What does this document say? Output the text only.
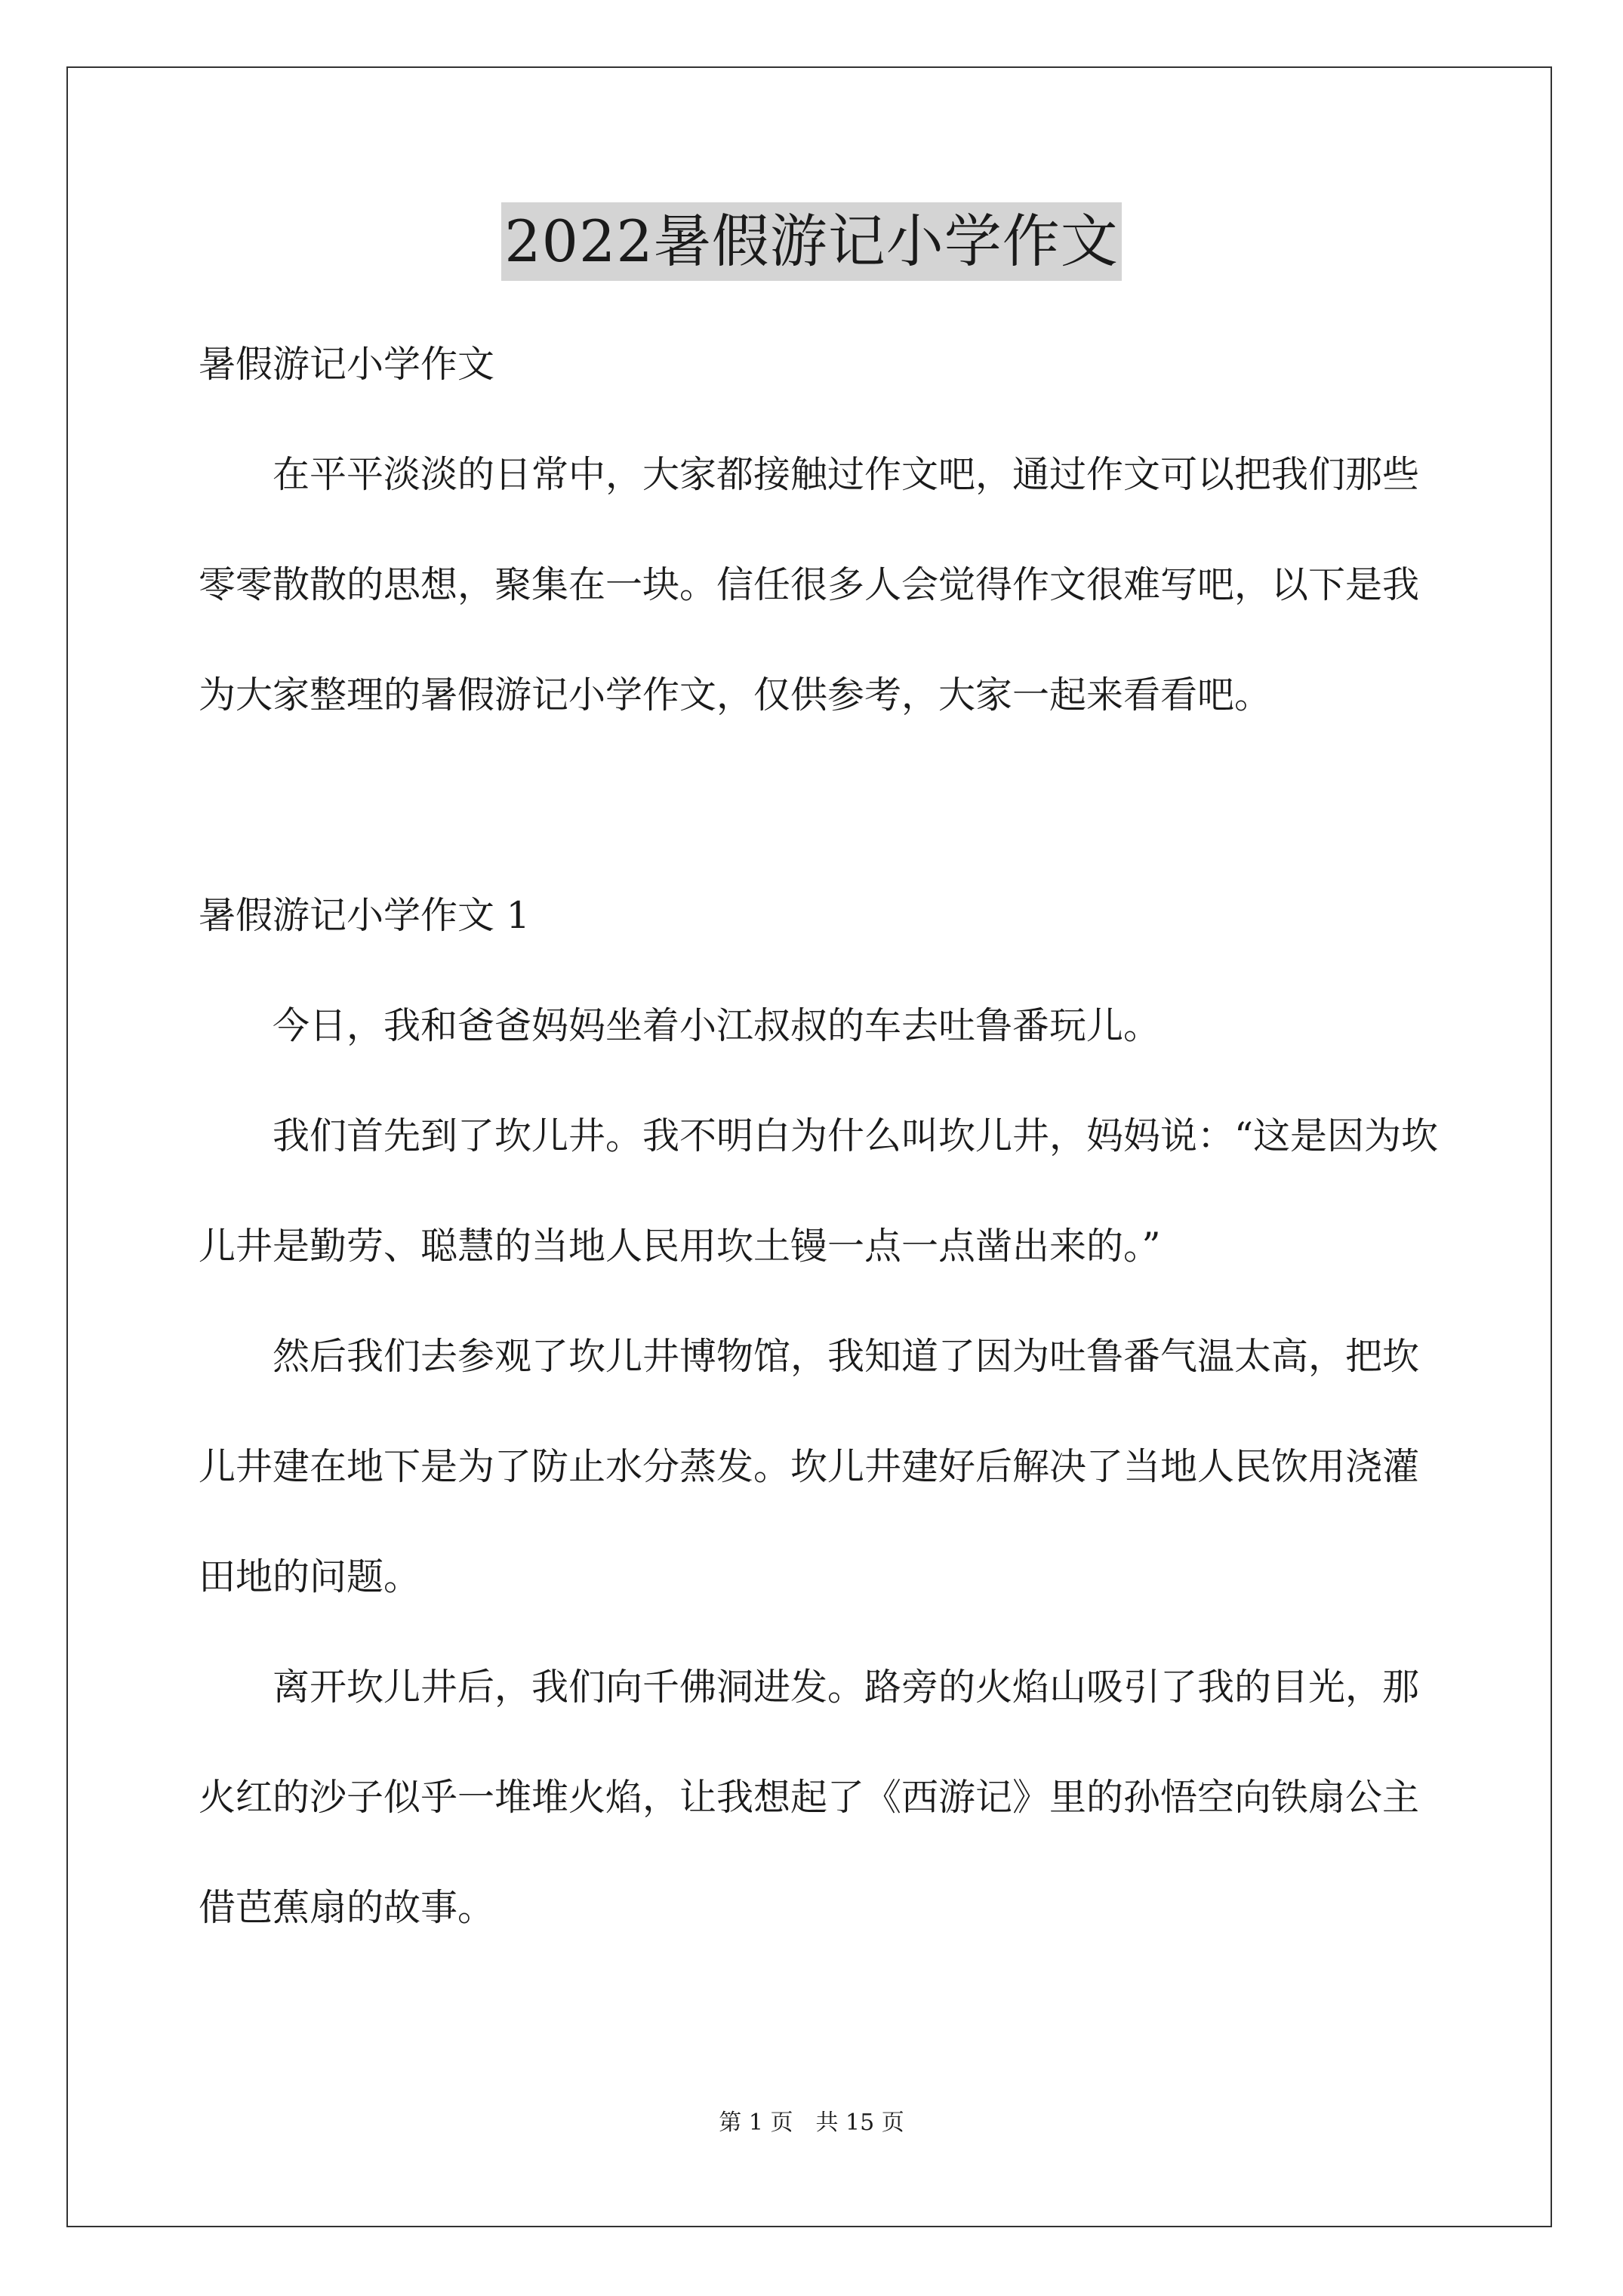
2022暑假游记小学作文

暑假游记小学作文

在平平淡淡的日常中，大家都接触过作文吧，通过作文可以把我们那些零零散散的思想，聚集在一块。信任很多人会觉得作文很难写吧，以下是我为大家整理的暑假游记小学作文，仅供参考，大家一起来看看吧。

暑假游记小学作文 1

今日，我和爸爸妈妈坐着小江叔叔的车去吐鲁番玩儿。

我们首先到了坎儿井。我不明白为什么叫坎儿井，妈妈说：“这是因为坎儿井是勤劳、聪慧的当地人民用坎土镘一点一点凿出来的。”

然后我们去参观了坎儿井博物馆，我知道了因为吐鲁番气温太高，把坎儿井建在地下是为了防止水分蒸发。坎儿井建好后解决了当地人民饮用浇灌田地的问题。

离开坎儿井后，我们向千佛洞进发。路旁的火焰山吸引了我的目光，那火红的沙子似乎一堆堆火焰，让我想起了《西游记》里的孙悟空向铁扇公主借芭蕉扇的故事。

第 1 页　共 15 页
